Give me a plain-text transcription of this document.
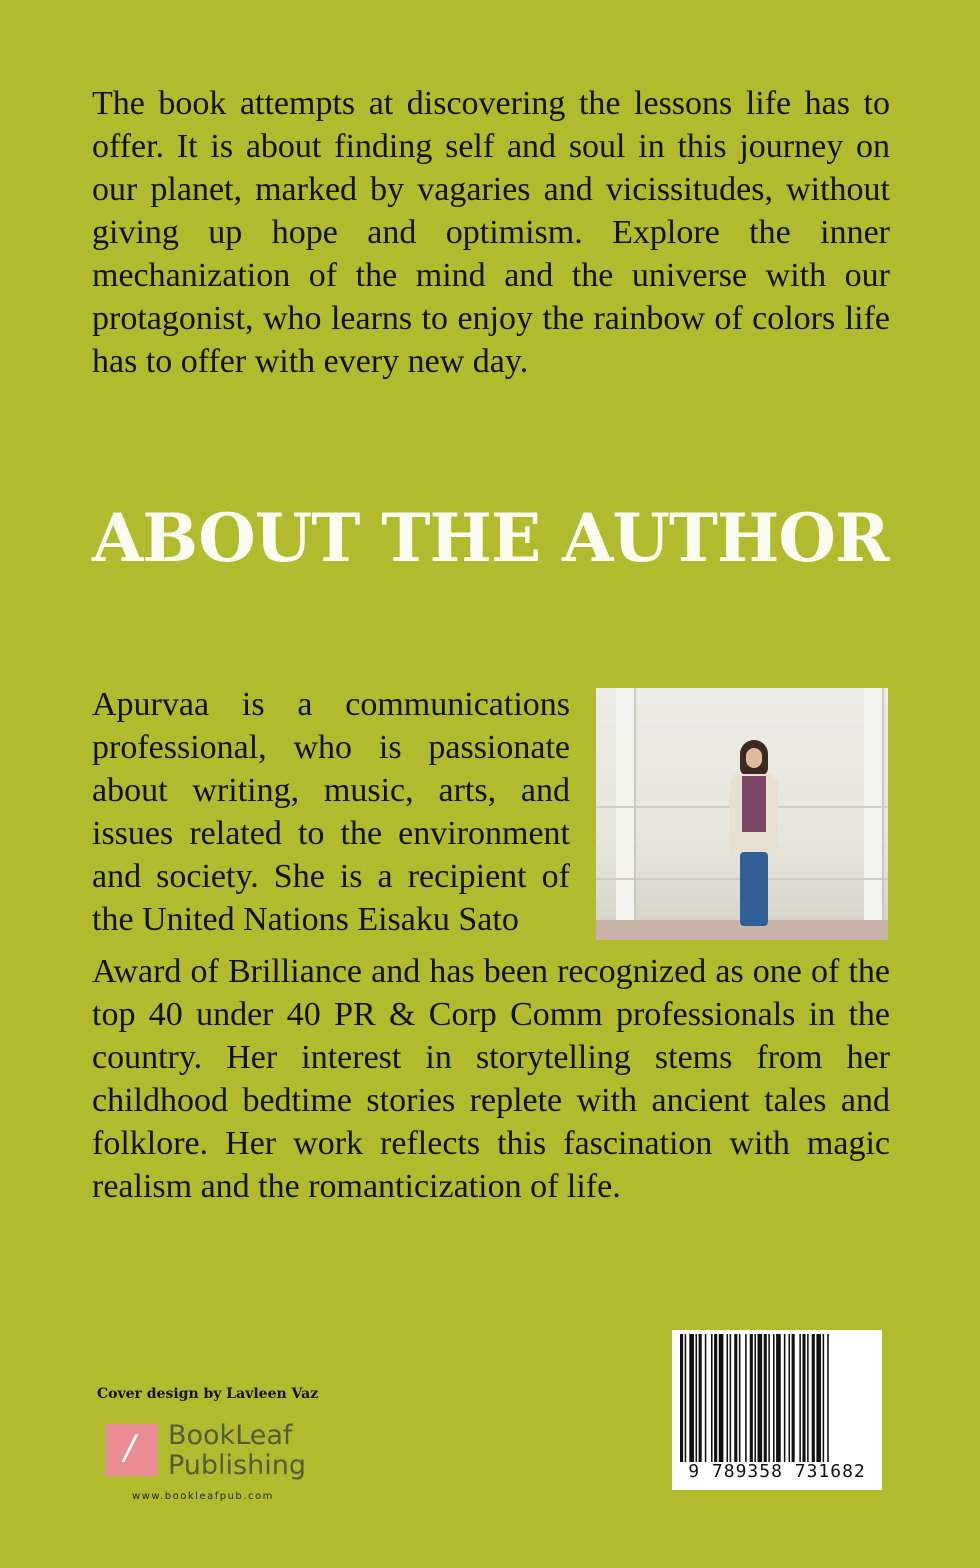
The book attempts at discovering the lessons life has to offer. It is about finding self and soul in this journey on our planet, marked by vagaries and vicissitudes, without giving up hope and optimism. Explore the inner mechanization of the mind and the universe with our protagonist, who learns to enjoy the rainbow of colors life has to offer with every new day.

ABOUT THE AUTHOR

Apurvaa is a communications professional, who is passionate about writing, music, arts, and issues related to the environment and society. She is a recipient of the United Nations Eisaku Sato

Award of Brilliance and has been recognized as one of the top 40 under 40 PR & Corp Comm professionals in the country. Her interest in storytelling stems from her childhood bedtime stories replete with ancient tales and folklore. Her work reflects this fascination with magic realism and the romanticization of life.

Cover design by Lavleen Vaz
/ BookLeaf
Publishing
www.bookleafpub.com
9 789358 731682
